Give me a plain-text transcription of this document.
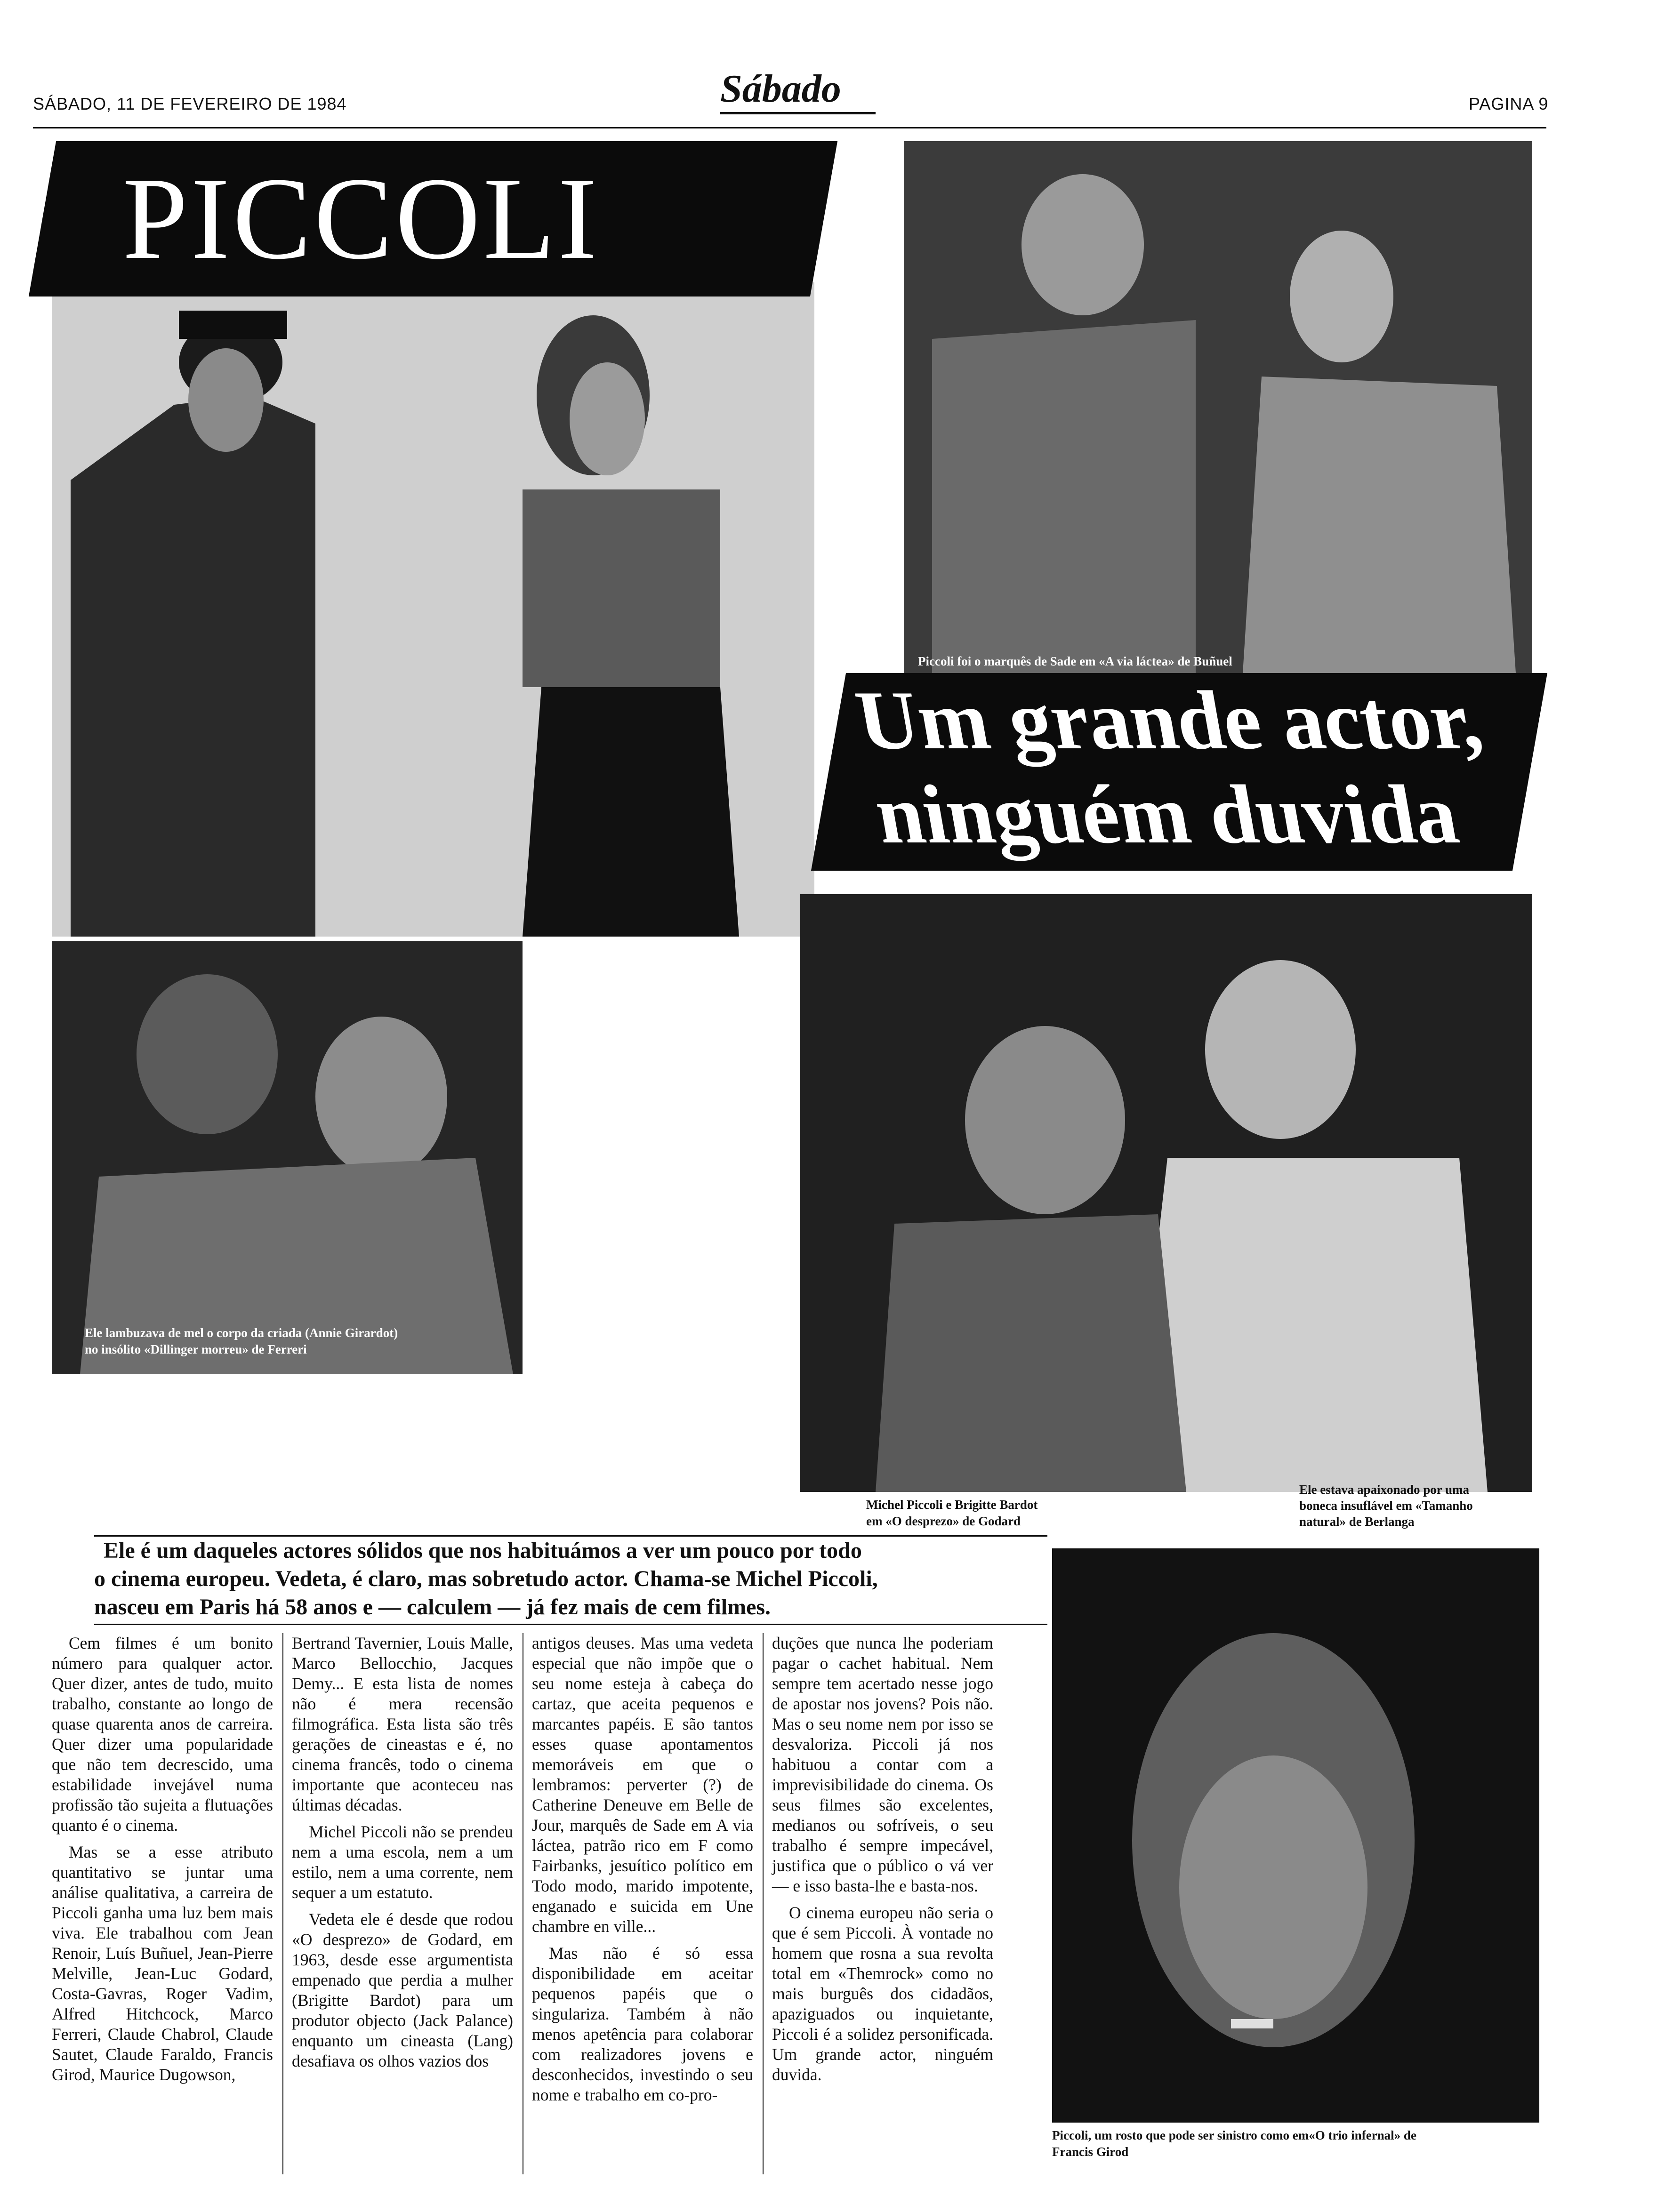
SÁBADO, 11 DE FEVEREIRO DE 1984	Sábado	PAGINA 9
PICCOLI
Piccoli foi o marquês de Sade em «A via láctea» de Buñuel
Um grande actor,
ninguém duvida
Ele lambuzava de mel o corpo da criada (Annie Girardot)
no insólito «Dillinger morreu» de Ferreri
Michel Piccoli e Brigitte Bardot
em «O desprezo» de Godard
Ele estava apaixonado por uma
boneca insuflável em «Tamanho
natural» de Berlanga
Ele é um daqueles actores sólidos que nos habituámos a ver um pouco por todo
o cinema europeu. Vedeta, é claro, mas sobretudo actor. Chama-se Michel Piccoli,
nasceu em Paris há 58 anos e — calculem — já fez mais de cem filmes.

Cem filmes é um bonito número para qualquer actor. Quer dizer, antes de tudo, muito trabalho, constante ao longo de quase quarenta anos de carreira. Quer dizer uma popularidade que não tem decrescido, uma estabilidade invejável numa profissão tão sujeita a flutuações quanto é o cinema.

Mas se a esse atributo quantitativo se juntar uma análise qualitativa, a carreira de Piccoli ganha uma luz bem mais viva. Ele trabalhou com Jean Renoir, Luís Buñuel, Jean-Pierre Melville, Jean-Luc Godard, Costa-Gavras, Roger Vadim, Alfred Hitchcock, Marco Ferreri, Claude Chabrol, Claude Sautet, Claude Faraldo, Francis Girod, Maurice Dugowson,

Bertrand Tavernier, Louis Malle, Marco Bellocchio, Jacques Demy... E esta lista de nomes não é mera recensão filmográfica. Esta lista são três gerações de cineastas e é, no cinema francês, todo o cinema importante que aconteceu nas últimas décadas.

Michel Piccoli não se prendeu nem a uma escola, nem a um estilo, nem a uma corrente, nem sequer a um estatuto.

Vedeta ele é desde que rodou «O desprezo» de Godard, em 1963, desde esse argumentista empenado que perdia a mulher (Brigitte Bardot) para um produtor objecto (Jack Palance) enquanto um cineasta (Lang) desafiava os olhos vazios dos

antigos deuses. Mas uma vedeta especial que não impõe que o seu nome esteja à cabeça do cartaz, que aceita pequenos e marcantes papéis. E são tantos esses quase apontamentos memoráveis em que o lembramos: perverter (?) de Catherine Deneuve em Belle de Jour, marquês de Sade em A via láctea, patrão rico em F como Fairbanks, jesuítico político em Todo modo, marido impotente, enganado e suicida em Une chambre en ville...

Mas não é só essa disponibilidade em aceitar pequenos papéis que o singulariza. Também à não menos apetência para colaborar com realizadores jovens e desconhecidos, investindo o seu nome e trabalho em co-pro-

duções que nunca lhe poderiam pagar o cachet habitual. Nem sempre tem acertado nesse jogo de apostar nos jovens? Pois não. Mas o seu nome nem por isso se desvaloriza. Piccoli já nos habituou a contar com a imprevisibilidade do cinema. Os seus filmes são excelentes, medianos ou sofríveis, o seu trabalho é sempre impecável, justifica que o público o vá ver — e isso basta-lhe e basta-nos.

O cinema europeu não seria o que é sem Piccoli. À vontade no homem que rosna a sua revolta total em «Themrock» como no mais burguês dos cidadãos, apaziguados ou inquietante, Piccoli é a solidez personificada. Um grande actor, ninguém duvida.

Piccoli, um rosto que pode ser sinistro como em«O trio infernal» de
Francis Girod
